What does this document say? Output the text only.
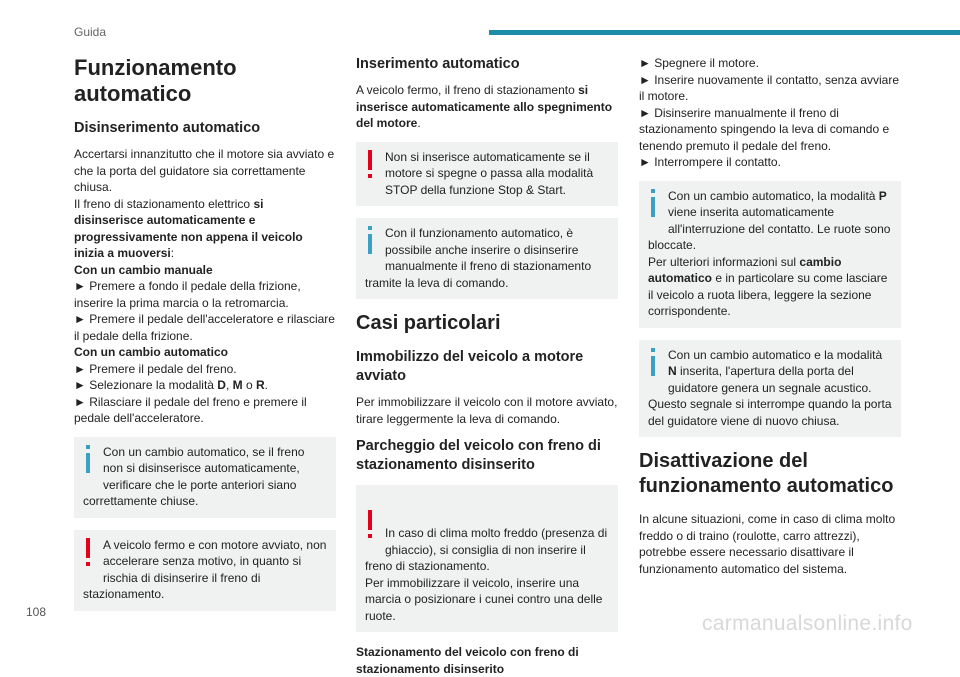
Guida
Funzionamento automatico
Disinserimento automatico

Accertarsi innanzitutto che il motore sia avviato e che la porta del guidatore sia correttamente chiusa.

Il freno di stazionamento elettrico si disinserisce automaticamente e progressivamente non appena il veicolo inizia a muoversi:

Con un cambio manuale

► Premere a fondo il pedale della frizione, inserire la prima marcia o la retromarcia.

► Premere il pedale dell'acceleratore e rilasciare il pedale della frizione.

Con un cambio automatico

► Premere il pedale del freno.

► Selezionare la modalità D, M o R.

► Rilasciare il pedale del freno e premere il pedale dell'acceleratore.

Con un cambio automatico, se il freno non si disinserisce automaticamente, verificare che le porte anteriori siano correttamente chiuse.
A veicolo fermo e con motore avviato, non accelerare senza motivo, in quanto si rischia di disinserire il freno di stazionamento.
Inserimento automatico

A veicolo fermo, il freno di stazionamento si inserisce automaticamente allo spegnimento del motore.

Non si inserisce automaticamente se il motore si spegne o passa alla modalità STOP della funzione Stop & Start.
Con il funzionamento automatico, è possibile anche inserire o disinserire manualmente il freno di stazionamento tramite la leva di comando.
Casi particolari
Immobilizzo del veicolo a motore avviato

Per immobilizzare il veicolo con il motore avviato, tirare leggermente la leva di comando.

Parcheggio del veicolo con freno di stazionamento disinserito

In caso di clima molto freddo (presenza di ghiaccio), si consiglia di non inserire il freno di stazionamento.
Per immobilizzare il veicolo, inserire una marcia o posizionare i cunei contro una delle ruote.

Stazionamento del veicolo con freno di stazionamento disinserito

► Spegnere il motore.

► Inserire nuovamente il contatto, senza avviare il motore.

► Disinserire manualmente il freno di stazionamento spingendo la leva di comando e tenendo premuto il pedale del freno.

► Interrompere il contatto.

Con un cambio automatico, la modalità P viene inserita automaticamente all'interruzione del contatto. Le ruote sono bloccate.
Per ulteriori informazioni sul cambio automatico e in particolare su come lasciare il veicolo a ruota libera, leggere la sezione corrispondente.
Con un cambio automatico e la modalità N inserita, l'apertura della porta del guidatore genera un segnale acustico.
Questo segnale si interrompe quando la porta del guidatore viene di nuovo chiusa.
Disattivazione del funzionamento automatico

In alcune situazioni, come in caso di clima molto freddo o di traino (roulotte, carro attrezzi), potrebbe essere necessario disattivare il funzionamento automatico del sistema.

108	carmanualsonline.info
